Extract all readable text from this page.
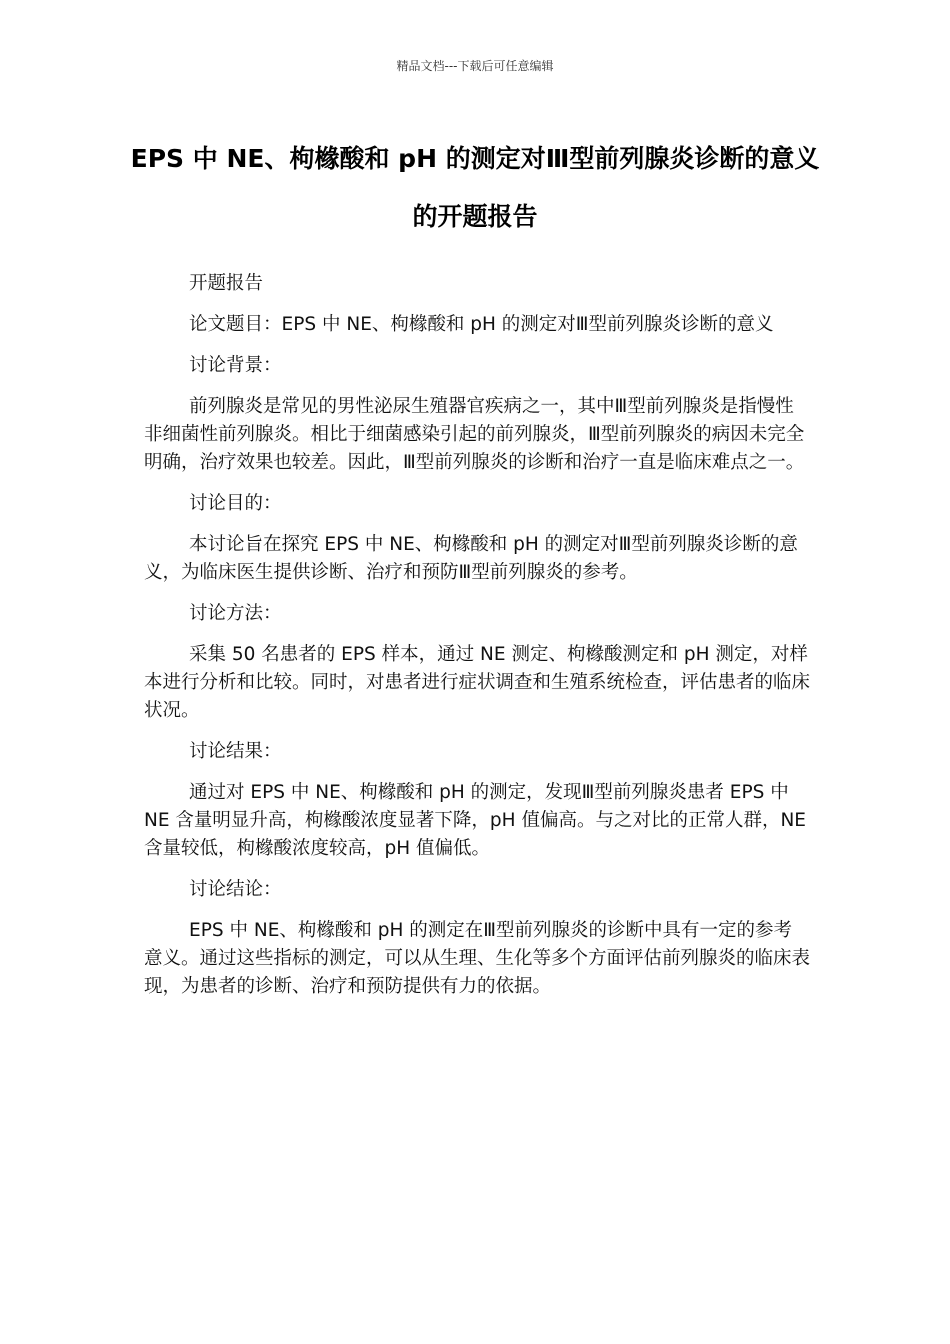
精品文档---下载后可任意编辑
EPS 中 NE、枸橼酸和 pH 的测定对Ⅲ型前列腺炎诊断的意义的开题报告

开题报告

论文题目：EPS 中 NE、枸橼酸和 pH 的测定对Ⅲ型前列腺炎诊断的意义

讨论背景：

前列腺炎是常见的男性泌尿生殖器官疾病之一，其中Ⅲ型前列腺炎是指慢性非细菌性前列腺炎。相比于细菌感染引起的前列腺炎，Ⅲ型前列腺炎的病因未完全明确，治疗效果也较差。因此，Ⅲ型前列腺炎的诊断和治疗一直是临床难点之一。

讨论目的：

本讨论旨在探究 EPS 中 NE、枸橼酸和 pH 的测定对Ⅲ型前列腺炎诊断的意义，为临床医生提供诊断、治疗和预防Ⅲ型前列腺炎的参考。

讨论方法：

采集 50 名患者的 EPS 样本，通过 NE 测定、枸橼酸测定和 pH 测定，对样本进行分析和比较。同时，对患者进行症状调查和生殖系统检查，评估患者的临床状况。

讨论结果：

通过对 EPS 中 NE、枸橼酸和 pH 的测定，发现Ⅲ型前列腺炎患者 EPS 中 NE 含量明显升高，枸橼酸浓度显著下降，pH 值偏高。与之对比的正常人群，NE 含量较低，枸橼酸浓度较高，pH 值偏低。

讨论结论：

EPS 中 NE、枸橼酸和 pH 的测定在Ⅲ型前列腺炎的诊断中具有一定的参考意义。通过这些指标的测定，可以从生理、生化等多个方面评估前列腺炎的临床表现，为患者的诊断、治疗和预防提供有力的依据。
